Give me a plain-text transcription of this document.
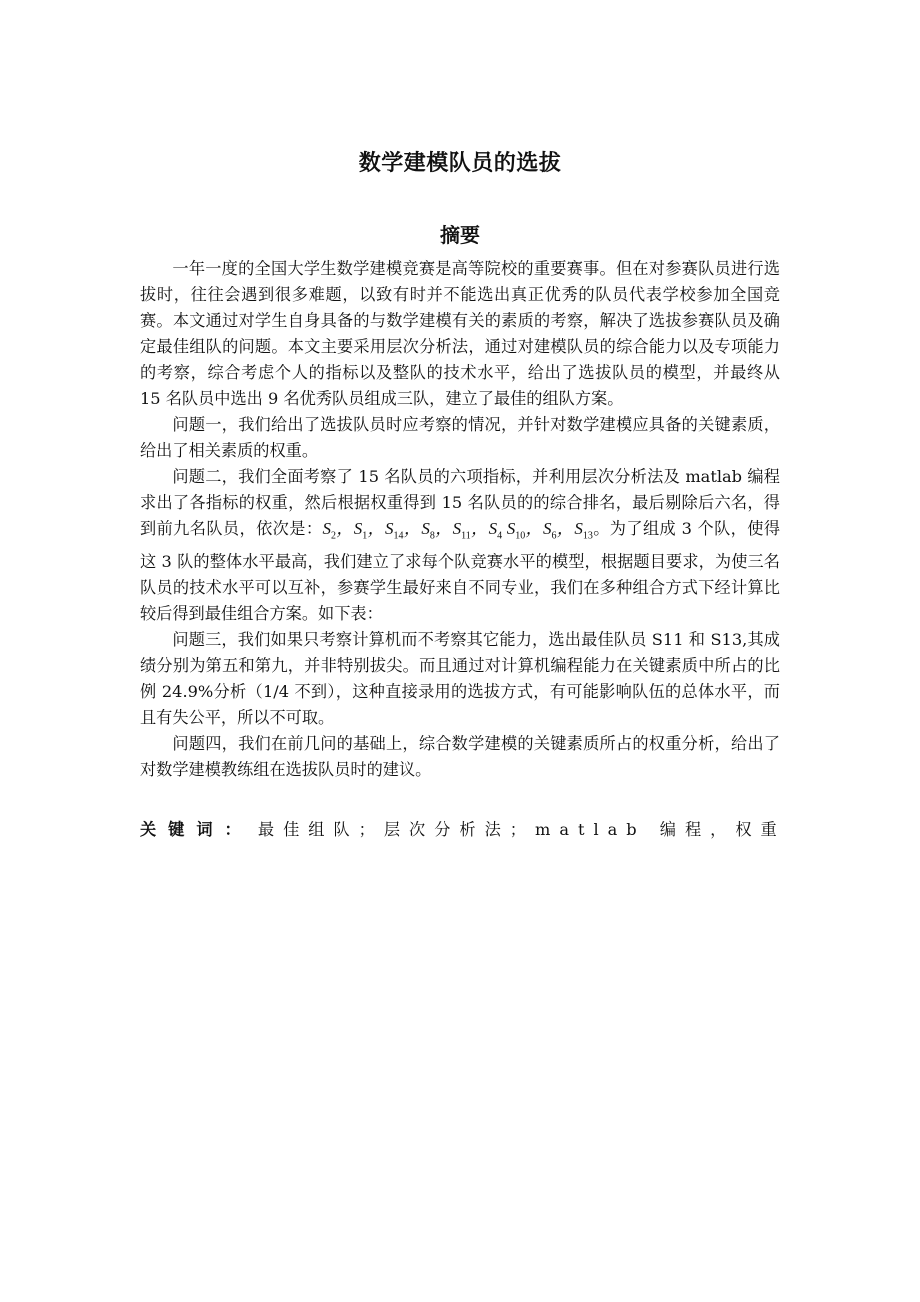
数学建模队员的选拔
摘要

一年一度的全国大学生数学建模竞赛是高等院校的重要赛事。但在对参赛队员进行选拔时，往往会遇到很多难题，以致有时并不能选出真正优秀的队员代表学校参加全国竞赛。本文通过对学生自身具备的与数学建模有关的素质的考察，解决了选拔参赛队员及确定最佳组队的问题。本文主要采用层次分析法，通过对建模队员的综合能力以及专项能力的考察，综合考虑个人的指标以及整队的技术水平，给出了选拔队员的模型，并最终从 15 名队员中选出 9 名优秀队员组成三队，建立了最佳的组队方案。

问题一，我们给出了选拔队员时应考察的情况，并针对数学建模应具备的关键素质，给出了相关素质的权重。

问题二，我们全面考察了 15 名队员的六项指标，并利用层次分析法及 matlab 编程求出了各指标的权重，然后根据权重得到 15 名队员的的综合排名，最后剔除后六名，得到前九名队员，依次是：$S_2$，$S_1$，$S_{14}$，$S_8$，$S_{11}$，$S_4$ $S_{10}$，$S_6$，$S_{13}$。为了组成 3 个队，使得这 3 队的整体水平最高，我们建立了求每个队竞赛水平的模型，根据题目要求，为使三名队员的技术水平可以互补，参赛学生最好来自不同专业，我们在多种组合方式下经计算比较后得到最佳组合方案。如下表：

问题三，我们如果只考察计算机而不考察其它能力，选出最佳队员 S11 和 S13,其成绩分别为第五和第九，并非特别拔尖。而且通过对计算机编程能力在关键素质中所占的比例 24.9%分析（1/4 不到），这种直接录用的选拔方式，有可能影响队伍的总体水平，而且有失公平，所以不可取。

问题四，我们在前几问的基础上，综合数学建模的关键素质所占的权重分析，给出了对数学建模教练组在选拔队员时的建议。

关键词： 最佳组队；层次分析法；matlab 编程，权重
